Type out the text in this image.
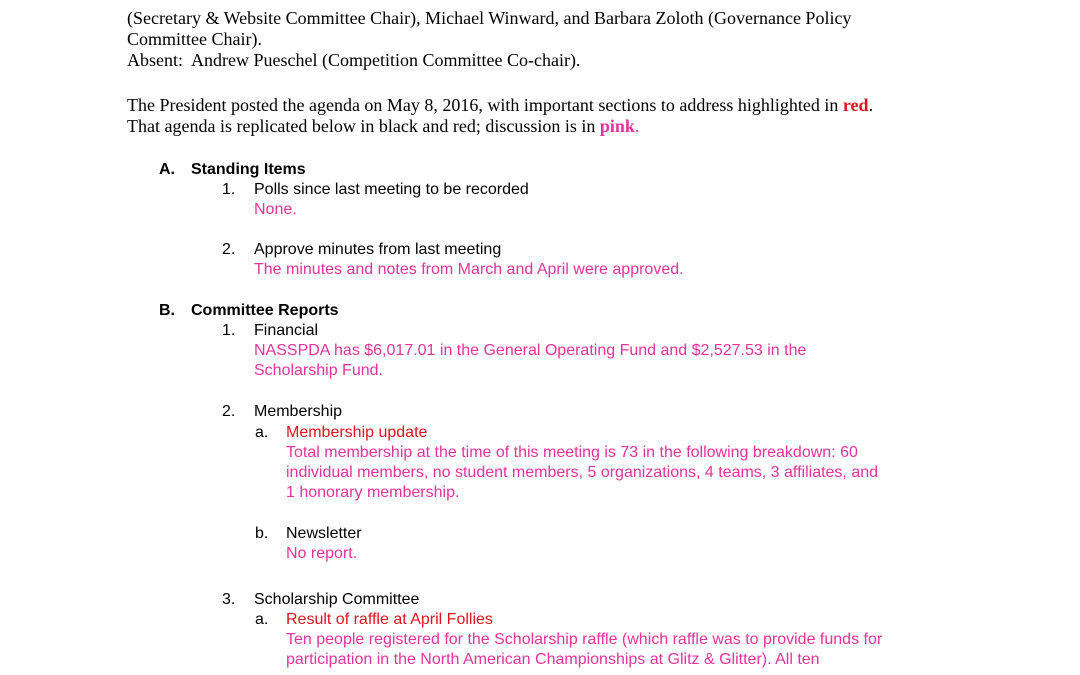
(Secretary & Website Committee Chair), Michael Winward, and Barbara Zoloth (Governance Policy
Committee Chair).
Absent: Andrew Pueschel (Competition Committee Co-chair).
The President posted the agenda on May 8, 2016, with important sections to address highlighted in red.
That agenda is replicated below in black and red; discussion is in pink.
A. Standing Items
1. Polls since last meeting to be recorded
None.
2. Approve minutes from last meeting
The minutes and notes from March and April were approved.
B. Committee Reports
1. Financial
NASSPDA has $6,017.01 in the General Operating Fund and $2,527.53 in the
Scholarship Fund.
2. Membership
a. Membership update
Total membership at the time of this meeting is 73 in the following breakdown: 60
individual members, no student members, 5 organizations, 4 teams, 3 affiliates, and
1 honorary membership.
b. Newsletter
No report.
3. Scholarship Committee
a. Result of raffle at April Follies
Ten people registered for the Scholarship raffle (which raffle was to provide funds for
participation in the North American Championships at Glitz & Glitter). All ten
